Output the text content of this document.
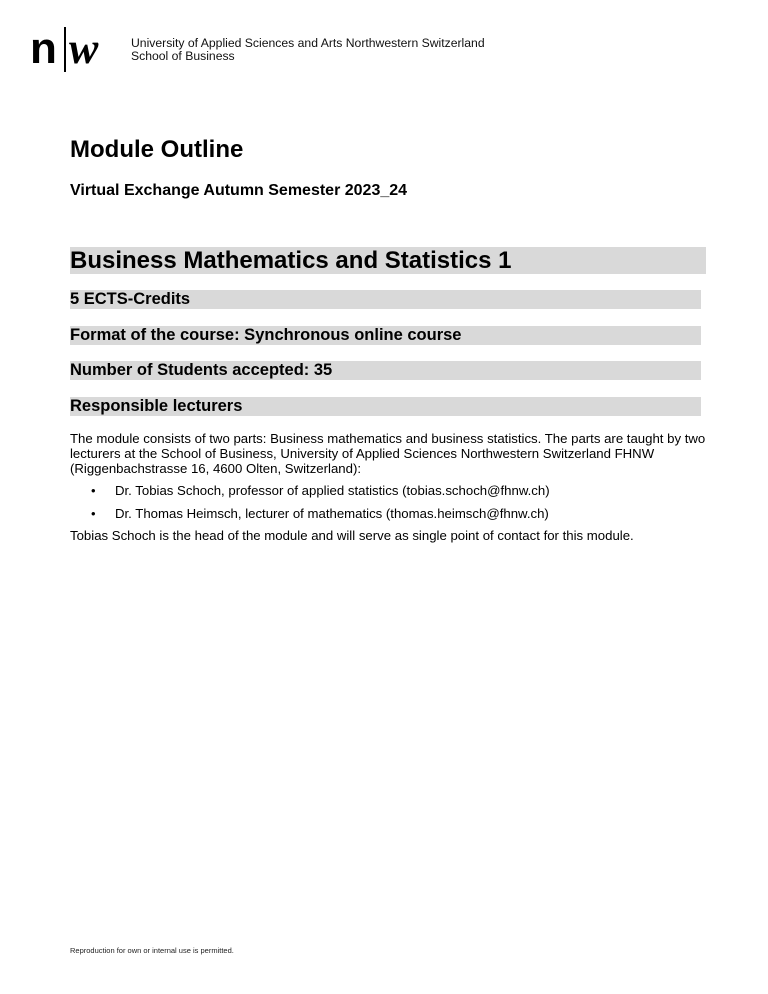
n w	University of Applied Sciences and Arts Northwestern Switzerland
School of Business
Module Outline
Virtual Exchange Autumn Semester 2023_24
Business Mathematics and Statistics 1
5 ECTS-Credits
Format of the course: Synchronous online course
Number of Students accepted: 35
Responsible lecturers

The module consists of two parts: Business mathematics and business statistics. The parts are taught by two lecturers at the School of Business, University of Applied Sciences Northwestern Switzerland FHNW (Riggenbachstrasse 16, 4600 Olten, Switzerland):

• Dr. Tobias Schoch, professor of applied statistics (tobias.schoch@fhnw.ch)
• Dr. Thomas Heimsch, lecturer of mathematics (thomas.heimsch@fhnw.ch)

Tobias Schoch is the head of the module and will serve as single point of contact for this module.

Reproduction for own or internal use is permitted.
